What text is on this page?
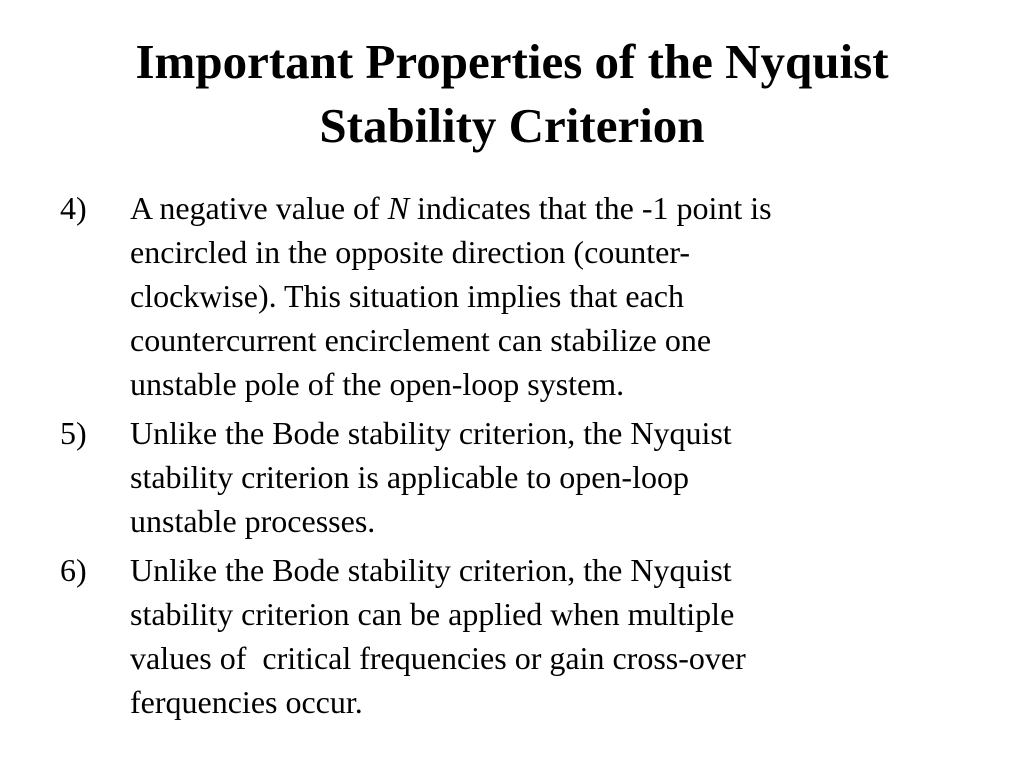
Important Properties of the Nyquist
Stability Criterion
4) A negative value of N indicates that the -1 point is
encircled in the opposite direction (counter-
clockwise). This situation implies that each
countercurrent encirclement can stabilize one
unstable pole of the open-loop system.
5) Unlike the Bode stability criterion, the Nyquist
stability criterion is applicable to open-loop
unstable processes.
6) Unlike the Bode stability criterion, the Nyquist
stability criterion can be applied when multiple
values of  critical frequencies or gain cross-over
ferquencies occur.
